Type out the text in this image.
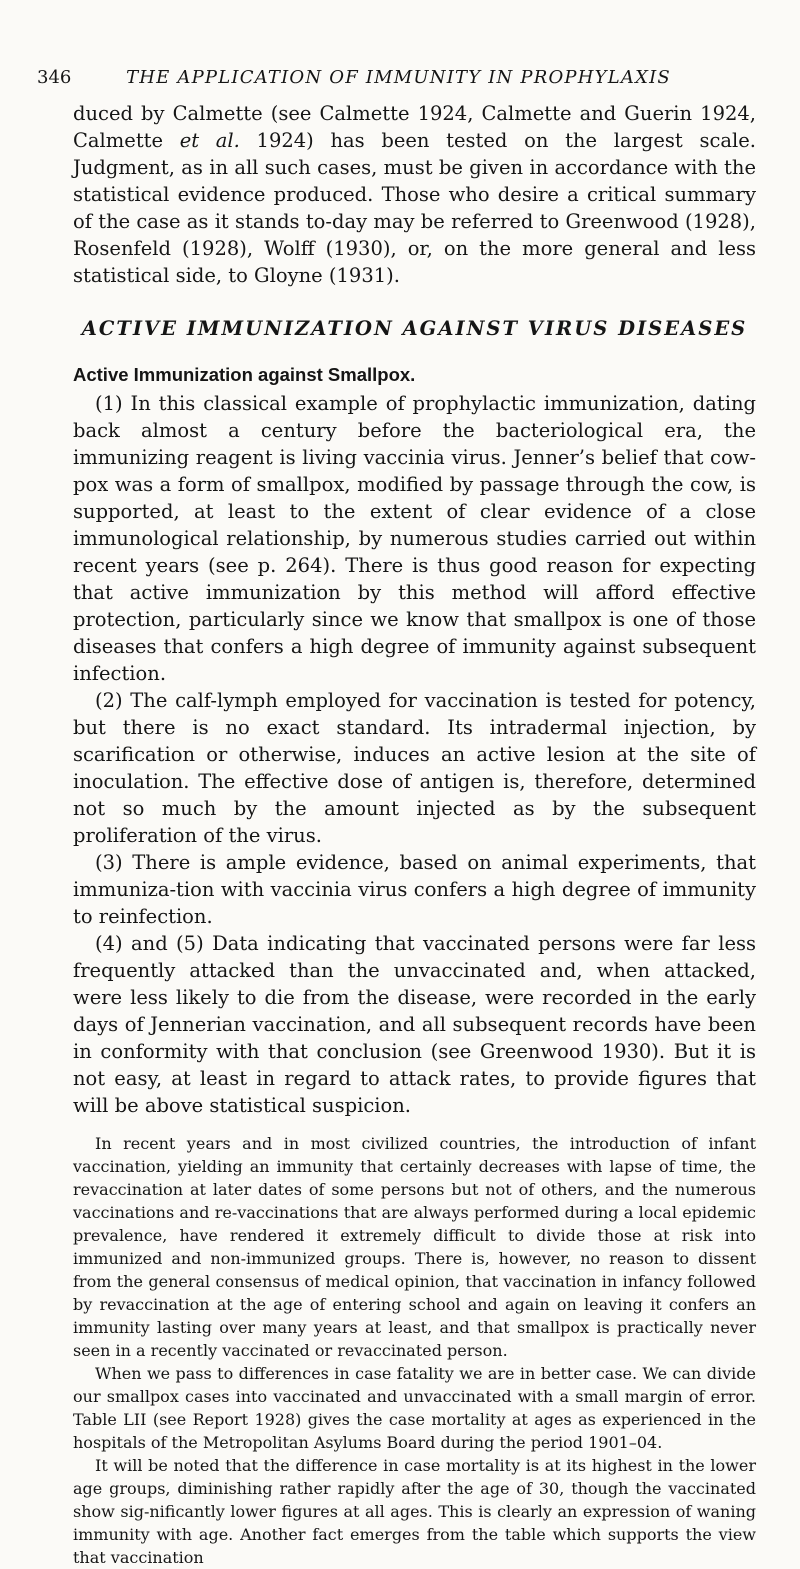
346	THE APPLICATION OF IMMUNITY IN PROPHYLAXIS

duced by Calmette (see Calmette 1924, Calmette and Guerin 1924, Calmette et al. 1924) has been tested on the largest scale. Judgment, as in all such cases, must be given in accordance with the statistical evidence produced. Those who desire a critical summary of the case as it stands to-day may be referred to Greenwood (1928), Rosenfeld (1928), Wolff (1930), or, on the more general and less statistical side, to Gloyne (1931).

ACTIVE IMMUNIZATION AGAINST VIRUS DISEASES
Active Immunization against Smallpox.

(1) In this classical example of prophylactic immunization, dating back almost a century before the bacteriological era, the immunizing reagent is living vaccinia virus. Jenner’s belief that cow-pox was a form of smallpox, modified by passage through the cow, is supported, at least to the extent of clear evidence of a close immunological relationship, by numerous studies carried out within recent years (see p. 264). There is thus good reason for expecting that active immunization by this method will afford effective protection, particularly since we know that smallpox is one of those diseases that confers a high degree of immunity against subsequent infection.

(2) The calf-lymph employed for vaccination is tested for potency, but there is no exact standard. Its intradermal injection, by scarification or otherwise, induces an active lesion at the site of inoculation. The effective dose of antigen is, therefore, determined not so much by the amount injected as by the subsequent proliferation of the virus.

(3) There is ample evidence, based on animal experiments, that immuniza-tion with vaccinia virus confers a high degree of immunity to reinfection.

(4) and (5) Data indicating that vaccinated persons were far less frequently attacked than the unvaccinated and, when attacked, were less likely to die from the disease, were recorded in the early days of Jennerian vaccination, and all subsequent records have been in conformity with that conclusion (see Greenwood 1930). But it is not easy, at least in regard to attack rates, to provide figures that will be above statistical suspicion.

In recent years and in most civilized countries, the introduction of infant vaccination, yielding an immunity that certainly decreases with lapse of time, the revaccination at later dates of some persons but not of others, and the numerous vaccinations and re-vaccinations that are always performed during a local epidemic prevalence, have rendered it extremely difficult to divide those at risk into immunized and non-immunized groups. There is, however, no reason to dissent from the general consensus of medical opinion, that vaccination in infancy followed by revaccination at the age of entering school and again on leaving it confers an immunity lasting over many years at least, and that smallpox is practically never seen in a recently vaccinated or revaccinated person.

When we pass to differences in case fatality we are in better case. We can divide our smallpox cases into vaccinated and unvaccinated with a small margin of error. Table LII (see Report 1928) gives the case mortality at ages as experienced in the hospitals of the Metropolitan Asylums Board during the period 1901–04.

It will be noted that the difference in case mortality is at its highest in the lower age groups, diminishing rather rapidly after the age of 30, though the vaccinated show sig-nificantly lower figures at all ages. This is clearly an expression of waning immunity with age. Another fact emerges from the table which supports the view that vaccination
